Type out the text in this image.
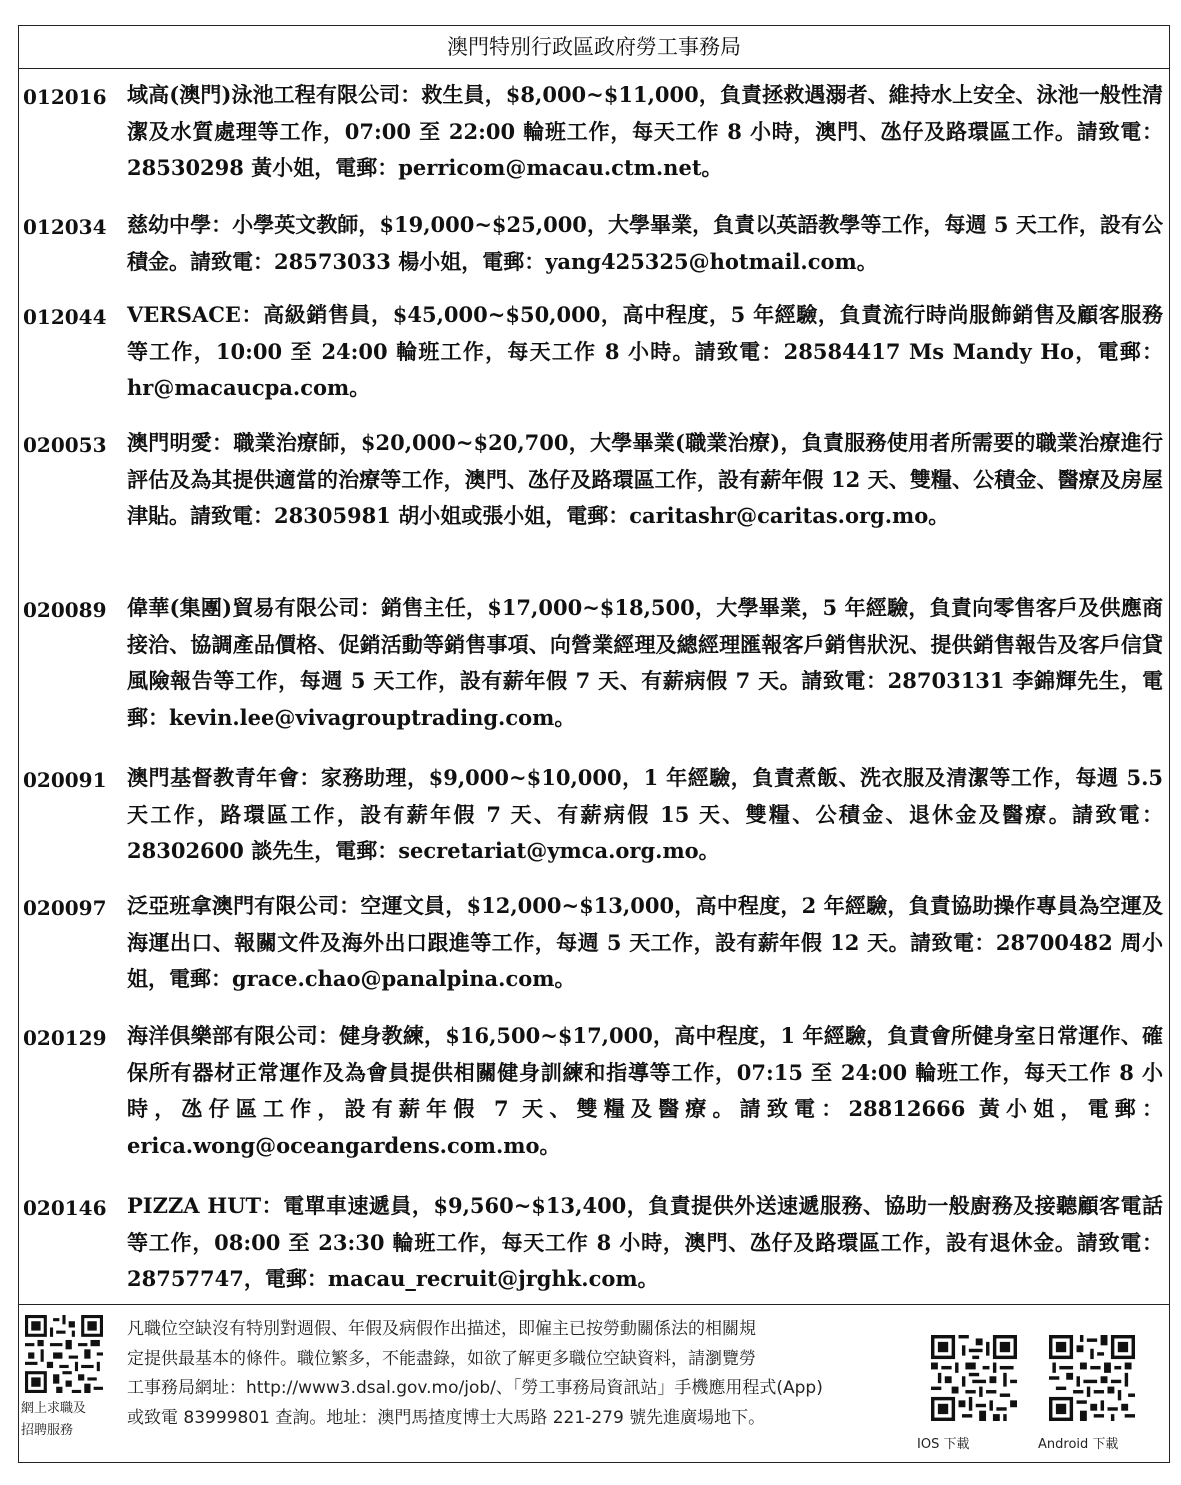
澳門特別行政區政府勞工事務局
012016 域高(澳門)泳池工程有限公司：救生員，$8,000~$11,000，負責拯救遇溺者、維持水上安全、泳池一般性清潔及水質處理等工作，07:00 至 22:00 輪班工作，每天工作 8 小時，澳門、氹仔及路環區工作。請致電：28530298 黃小姐，電郵：perricom@macau.ctm.net。
012034 慈幼中學：小學英文教師，$19,000~$25,000，大學畢業，負責以英語教學等工作，每週 5 天工作，設有公積金。請致電：28573033 楊小姐，電郵：yang425325@hotmail.com。
012044 VERSACE：高級銷售員，$45,000~$50,000，高中程度，5 年經驗，負責流行時尚服飾銷售及顧客服務等工作，10:00 至 24:00 輪班工作，每天工作 8 小時。請致電：28584417 Ms Mandy Ho，電郵：hr@macaucpa.com。
020053 澳門明愛：職業治療師，$20,000~$20,700，大學畢業(職業治療)，負責服務使用者所需要的職業治療進行評估及為其提供適當的治療等工作，澳門、氹仔及路環區工作，設有薪年假 12 天、雙糧、公積金、醫療及房屋津貼。請致電：28305981 胡小姐或張小姐，電郵：caritashr@caritas.org.mo。
020089 偉華(集團)貿易有限公司：銷售主任，$17,000~$18,500，大學畢業，5 年經驗，負責向零售客戶及供應商接洽、協調產品價格、促銷活動等銷售事項、向營業經理及總經理匯報客戶銷售狀況、提供銷售報告及客戶信貸風險報告等工作，每週 5 天工作，設有薪年假 7 天、有薪病假 7 天。請致電：28703131 李錦輝先生，電郵：kevin.lee@vivagrouptrading.com。
020091 澳門基督教青年會：家務助理，$9,000~$10,000，1 年經驗，負責煮飯、洗衣服及清潔等工作，每週 5.5 天工作，路環區工作，設有薪年假 7 天、有薪病假 15 天、雙糧、公積金、退休金及醫療。請致電：28302600 談先生，電郵：secretariat@ymca.org.mo。
020097 泛亞班拿澳門有限公司：空運文員，$12,000~$13,000，高中程度，2 年經驗，負責協助操作專員為空運及海運出口、報關文件及海外出口跟進等工作，每週 5 天工作，設有薪年假 12 天。請致電：28700482 周小姐，電郵：grace.chao@panalpina.com。
020129 海洋俱樂部有限公司：健身教練，$16,500~$17,000，高中程度，1 年經驗，負責會所健身室日常運作、確保所有器材正常運作及為會員提供相關健身訓練和指導等工作，07:15 至 24:00 輪班工作，每天工作 8 小時，氹仔區工作，設有薪年假 7 天、雙糧及醫療。請致電：28812666 黃小姐，電郵：erica.wong@oceangardens.com.mo。
020146 PIZZA HUT：電單車速遞員，$9,560~$13,400，負責提供外送速遞服務、協助一般廚務及接聽顧客電話等工作，08:00 至 23:30 輪班工作，每天工作 8 小時，澳門、氹仔及路環區工作，設有退休金。請致電：28757747，電郵：macau_recruit@jrghk.com。
網上求職及
招聘服務
凡職位空缺沒有特別對週假、年假及病假作出描述，即僱主已按勞動關係法的相關規
定提供最基本的條件。職位繁多，不能盡錄，如欲了解更多職位空缺資料，請瀏覽勞
工事務局網址：http://www3.dsal.gov.mo/job/、「勞工事務局資訊站」手機應用程式(App)
或致電 83999801 查詢。地址：澳門馬揸度博士大馬路 221-279 號先進廣場地下。
IOS 下載	Android 下載
